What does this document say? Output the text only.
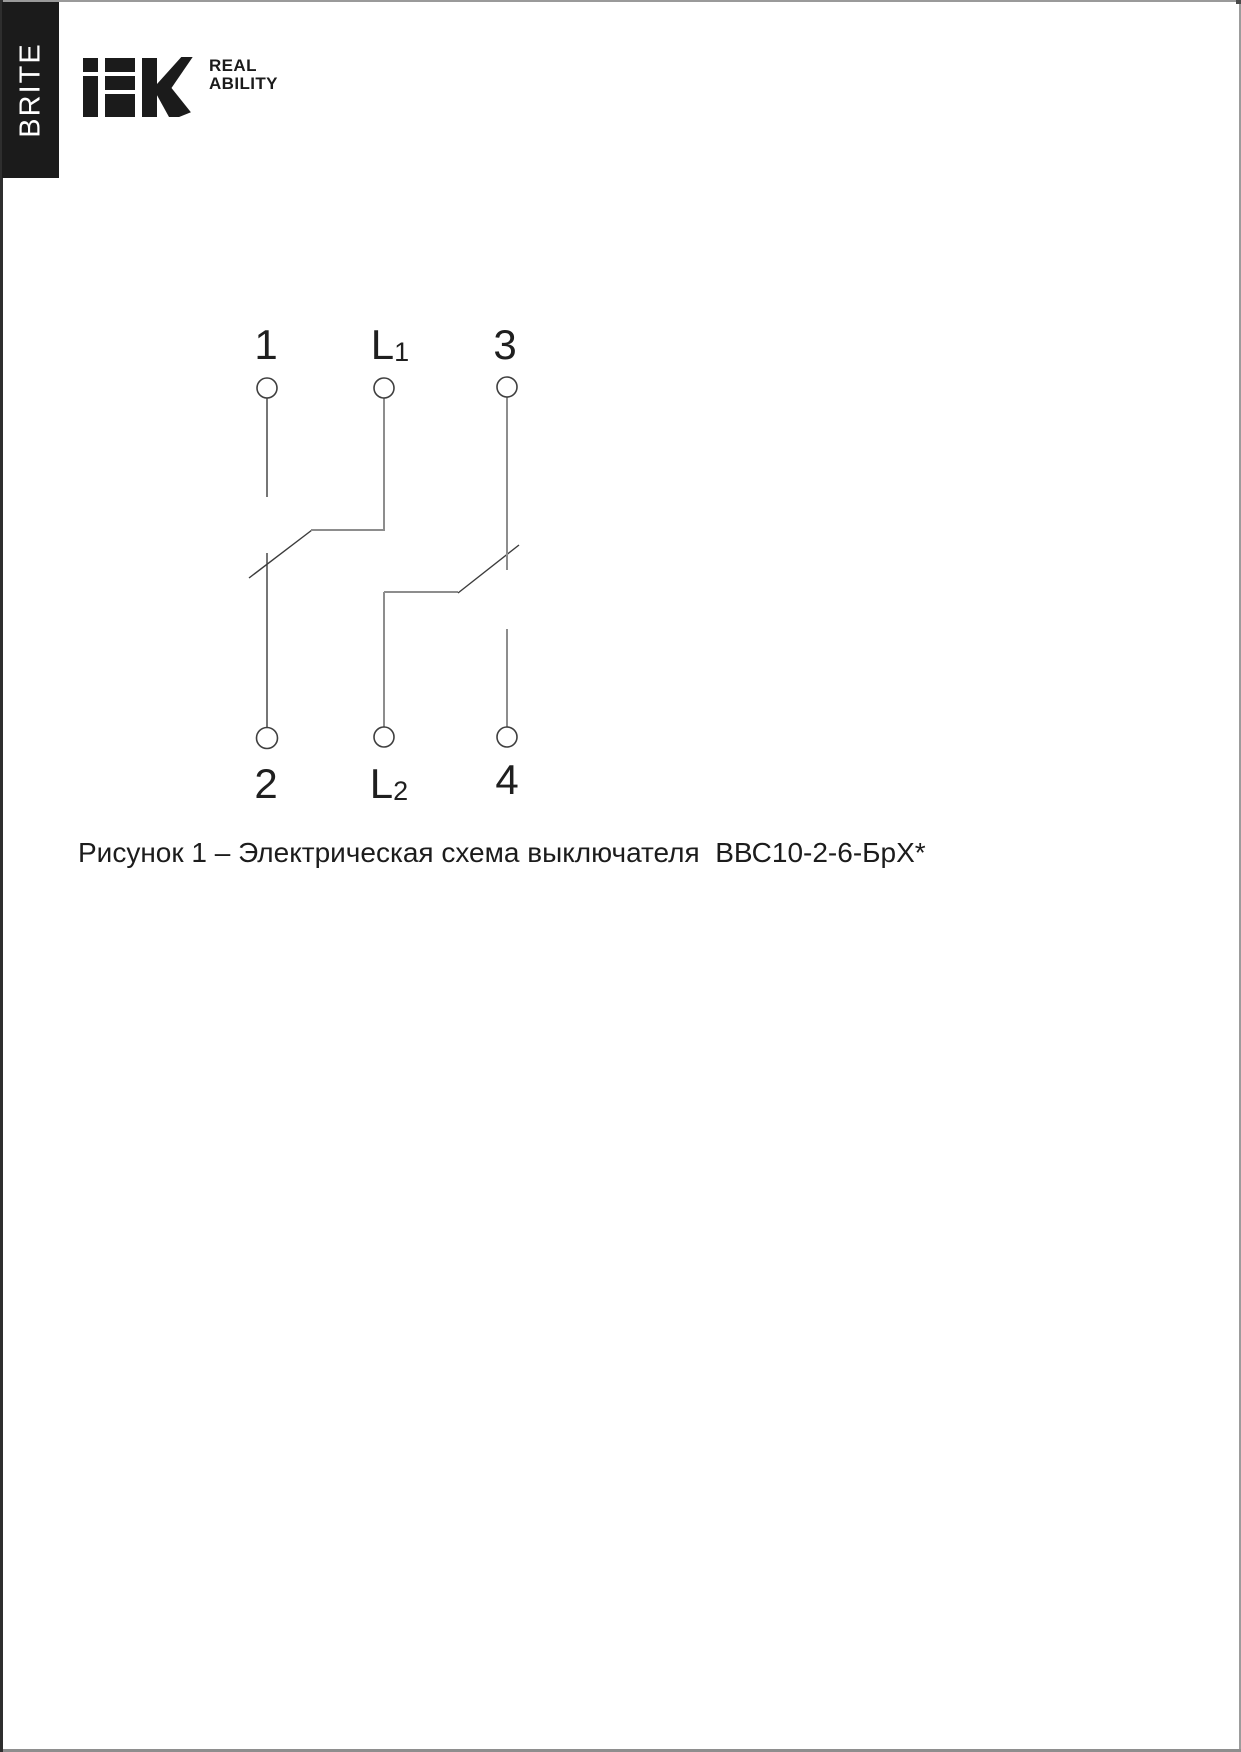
BRITE	REAL
ABILITY
1 $L_1$ 3
2 $L_2$ 4
Рисунок 1 – Электрическая схема выключателя  ВВС10-2-6-БрХ*
